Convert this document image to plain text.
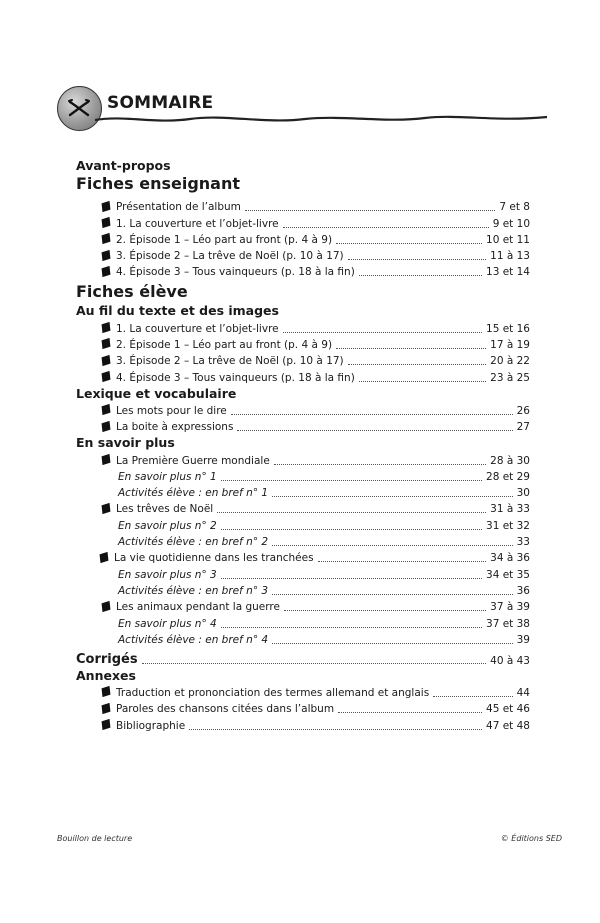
SOMMAIRE
Avant-propos
Fiches enseignant
Présentation de l’album	7 et 8
1. La couverture et l’objet-livre	9 et 10
2. Épisode 1 – Léo part au front (p. 4 à 9)	10 et 11
3. Épisode 2 – La trêve de Noël (p. 10 à 17)	11 à 13
4. Épisode 3 – Tous vainqueurs (p. 18 à la fin)	13 et 14
Fiches élève
Au fil du texte et des images
1. La couverture et l’objet-livre	15 et 16
2. Épisode 1 – Léo part au front (p. 4 à 9)	17 à 19
3. Épisode 2 – La trêve de Noël (p. 10 à 17)	20 à 22
4. Épisode 3 – Tous vainqueurs (p. 18 à la fin)	23 à 25
Lexique et vocabulaire
Les mots pour le dire	26
La boite à expressions	27
En savoir plus
La Première Guerre mondiale	28 à 30
En savoir plus n° 1	28 et 29
Activités élève : en bref n° 1	30
Les trêves de Noël	31 à 33
En savoir plus n° 2	31 et 32
Activités élève : en bref n° 2	33
La vie quotidienne dans les tranchées	34 à 36
En savoir plus n° 3	34 et 35
Activités élève : en bref n° 3	36
Les animaux pendant la guerre	37 à 39
En savoir plus n° 4	37 et 38
Activités élève : en bref n° 4	39
Corrigés	40 à 43
Annexes
Traduction et prononciation des termes allemand et anglais	44
Paroles des chansons citées dans l’album	45 et 46
Bibliographie	47 et 48
Bouillon de lecture	© Éditions SED
